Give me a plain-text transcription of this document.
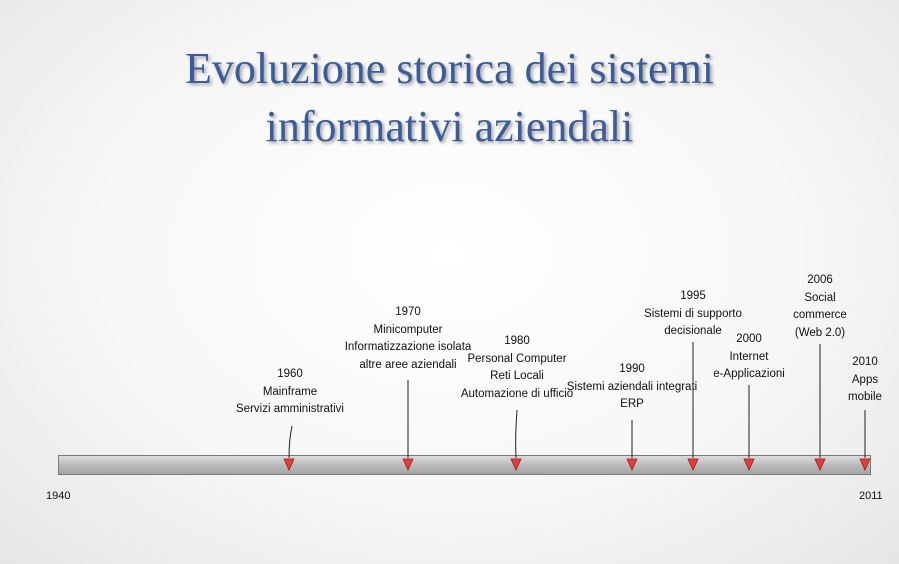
Evoluzione storica dei sistemi
informativi aziendali
1940	2011
1960
Mainframe
Servizi amministrativi
1970
Minicomputer
Informatizzazione isolata
altre aree aziendali
1980
Personal Computer
Reti Locali
Automazione di ufficio
1990
Sistemi aziendali integrati
ERP
1995
Sistemi di supporto
decisionale
2000
Internet
e-Applicazioni
2006
Social
commerce
(Web 2.0)
2010
Apps
mobile
